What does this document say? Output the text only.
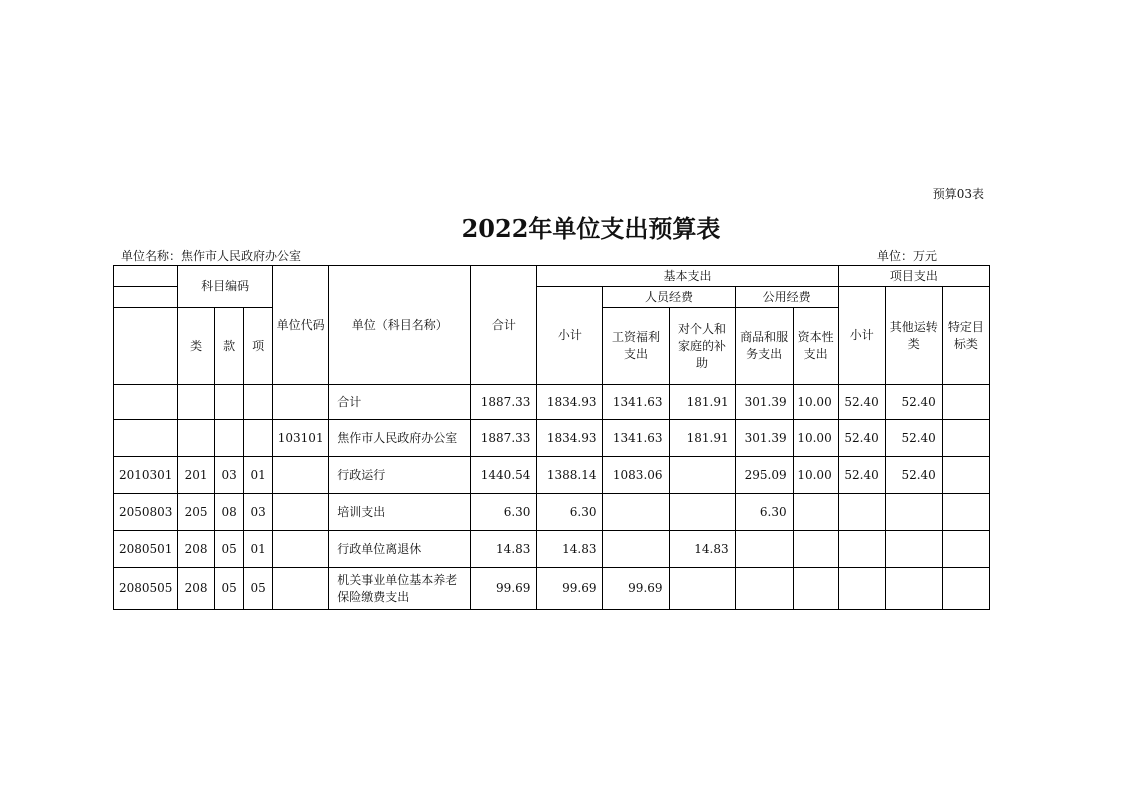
预算03表
2022年单位支出预算表
单位名称：焦作市人民政府办公室	单位：万元
	科目编码			单位代码	单位（科目名称）	合计	基本支出					项目支出		
							小计	人员经费		公用经费		小计	其他运转类	特定目标类
	类	款	项					工资福利支出	对个人和家庭的补助	商品和服务支出	资本性支出			

					合计	1887.33	1834.93	1341.63	181.91	301.39	10.00	52.40	52.40	
				103101	焦作市人民政府办公室	1887.33	1834.93	1341.63	181.91	301.39	10.00	52.40	52.40	
2010301	201	03	01		行政运行	1440.54	1388.14	1083.06		295.09	10.00	52.40	52.40	
2050803	205	08	03		培训支出	6.30	6.30			6.30				
2080501	208	05	01		行政单位离退休	14.83	14.83		14.83					
2080505	208	05	05		机关事业单位基本养老保险缴费支出	99.69	99.69	99.69						
